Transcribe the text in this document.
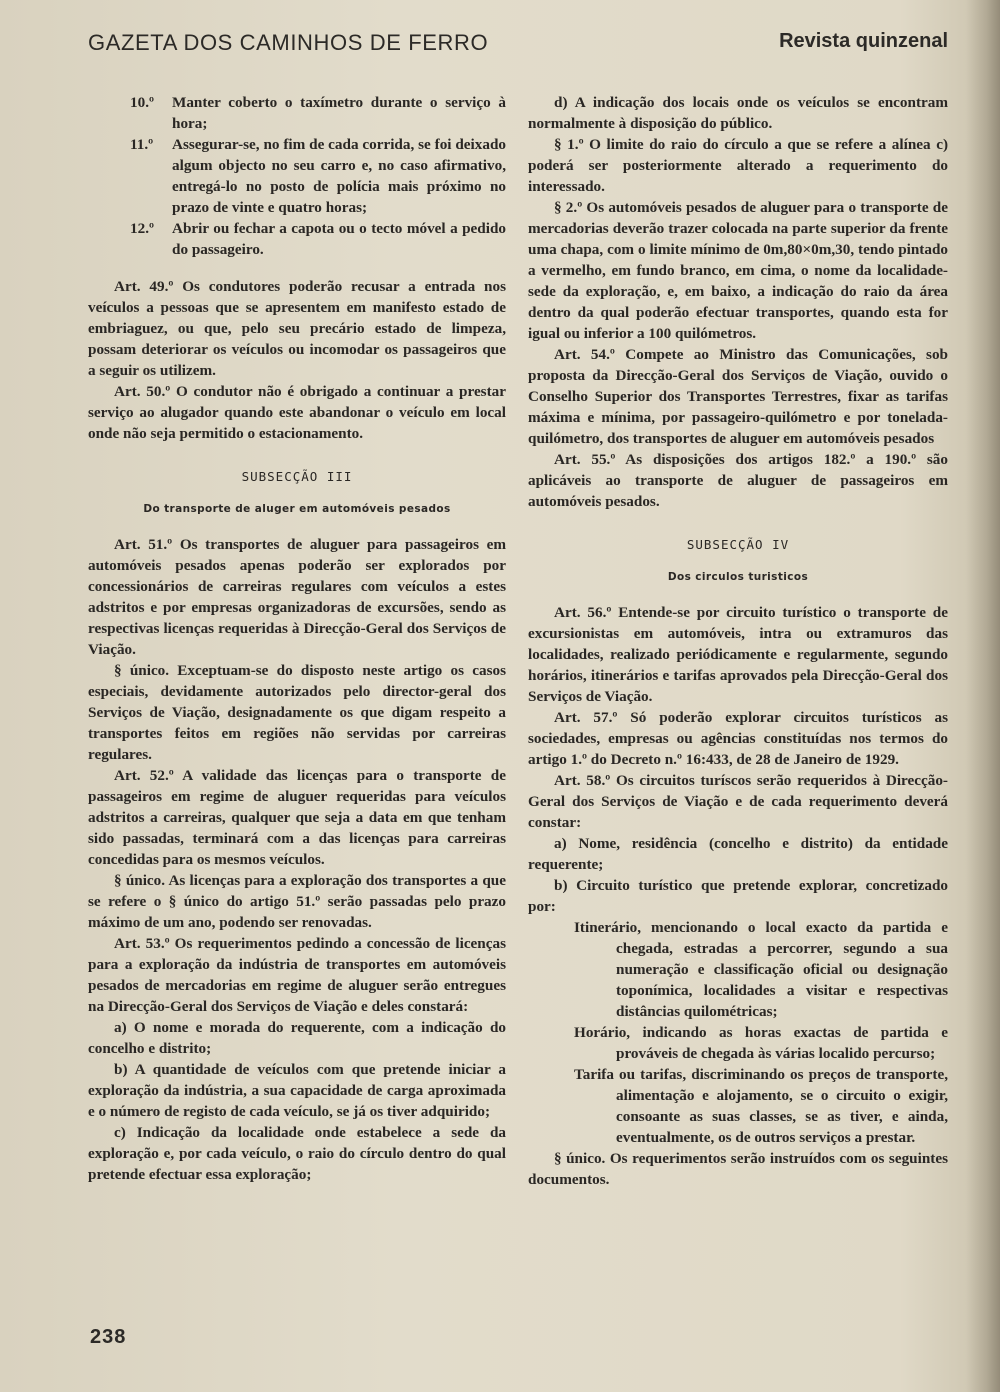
GAZETA DOS CAMINHOS DE FERRO	Revista quinzenal

10.º Manter coberto o taxímetro durante o serviço à hora;

11.º Assegurar-se, no fim de cada corrida, se foi deixado algum objecto no seu carro e, no caso afirmativo, entregá-lo no posto de polícia mais próximo no prazo de vinte e quatro horas;

12.º Abrir ou fechar a capota ou o tecto móvel a pedido do passageiro.

Art. 49.º Os condutores poderão recusar a entrada nos veículos a pessoas que se apresentem em manifesto estado de embriaguez, ou que, pelo seu precário estado de limpeza, possam deteriorar os veículos ou incomodar os passageiros que a seguir os utilizem.

Art. 50.º O condutor não é obrigado a continuar a prestar serviço ao alugador quando este abandonar o veículo em local onde não seja permitido o estacionamento.

SUBSECÇÃO III
Do transporte de aluger em automóveis pesados

Art. 51.º Os transportes de aluguer para passageiros em automóveis pesados apenas poderão ser explorados por concessionários de carreiras regulares com veículos a estes adstritos e por empresas organizadoras de excursões, sendo as respectivas licenças requeridas à Direcção-Geral dos Serviços de Viação.

§ único. Exceptuam-se do disposto neste artigo os casos especiais, devidamente autorizados pelo director-geral dos Serviços de Viação, designadamente os que digam respeito a transportes feitos em regiões não servidas por carreiras regulares.

Art. 52.º A validade das licenças para o transporte de passageiros em regime de aluguer requeridas para veículos adstritos a carreiras, qualquer que seja a data em que tenham sido passadas, terminará com a das licenças para carreiras concedidas para os mesmos veículos.

§ único. As licenças para a exploração dos transportes a que se refere o § único do artigo 51.º serão passadas pelo prazo máximo de um ano, podendo ser renovadas.

Art. 53.º Os requerimentos pedindo a concessão de licenças para a exploração da indústria de transportes em automóveis pesados de mercadorias em regime de aluguer serão entregues na Direcção-Geral dos Serviços de Viação e deles constará:

a) O nome e morada do requerente, com a indicação do concelho e distrito;

b) A quantidade de veículos com que pretende iniciar a exploração da indústria, a sua capacidade de carga aproximada e o número de registo de cada veículo, se já os tiver adquirido;

c) Indicação da localidade onde estabelece a sede da exploração e, por cada veículo, o raio do círculo dentro do qual pretende efectuar essa exploração;

d) A indicação dos locais onde os veículos se encontram normalmente à disposição do público.

§ 1.º O limite do raio do círculo a que se refere a alínea c) poderá ser posteriormente alterado a requerimento do interessado.

§ 2.º Os automóveis pesados de aluguer para o transporte de mercadorias deverão trazer colocada na parte superior da frente uma chapa, com o limite mínimo de 0m,80×0m,30, tendo pintado a vermelho, em fundo branco, em cima, o nome da localidade-sede da exploração, e, em baixo, a indicação do raio da área dentro da qual poderão efectuar transportes, quando esta for igual ou inferior a 100 quilómetros.

Art. 54.º Compete ao Ministro das Comunicações, sob proposta da Direcção-Geral dos Serviços de Viação, ouvido o Conselho Superior dos Transportes Terrestres, fixar as tarifas máxima e mínima, por passageiro-quilómetro e por tonelada-quilómetro, dos transportes de aluguer em automóveis pesados

Art. 55.º As disposições dos artigos 182.º a 190.º são aplicáveis ao transporte de aluguer de passageiros em automóveis pesados.

SUBSECÇÃO IV
Dos circulos turisticos

Art. 56.º Entende-se por circuito turístico o transporte de excursionistas em automóveis, intra ou extramuros das localidades, realizado periódicamente e regularmente, segundo horários, itinerários e tarifas aprovados pela Direcção-Geral dos Serviços de Viação.

Art. 57.º Só poderão explorar circuitos turísticos as sociedades, empresas ou agências constituídas nos termos do artigo 1.º do Decreto n.º 16:433, de 28 de Janeiro de 1929.

Art. 58.º Os circuitos turíscos serão requeridos à Direcção-Geral dos Serviços de Viação e de cada requerimento deverá constar:

a) Nome, residência (concelho e distrito) da entidade requerente;

b) Circuito turístico que pretende explorar, concretizado por:

Itinerário, mencionando o local exacto da partida e chegada, estradas a percorrer, segundo a sua numeração e classificação oficial ou designação toponímica, localidades a visitar e respectivas distâncias quilométricas;

Horário, indicando as horas exactas de partida e prováveis de chegada às várias localido percurso;

Tarifa ou tarifas, discriminando os preços de transporte, alimentação e alojamento, se o circuito o exigir, consoante as suas classes, se as tiver, e ainda, eventualmente, os de outros serviços a prestar.

§ único. Os requerimentos serão instruídos com os seguintes documentos.

238
